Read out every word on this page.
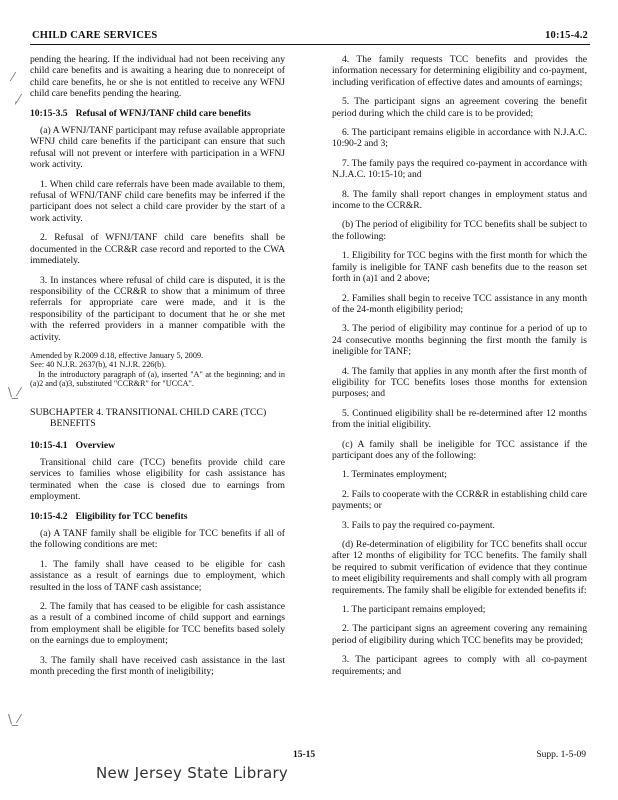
CHILD CARE SERVICES	10:15-4.2
⁄
,⁄
\_⁄
\_⁄

pending the hearing. If the individual had not been receiving any child care benefits and is awaiting a hearing due to nonreceipt of child care benefits, he or she is not entitled to receive any WFNJ child care benefits pending the hearing.

10:15-3.5 Refusal of WFNJ/TANF child care benefits

(a) A WFNJ/TANF participant may refuse available appropriate WFNJ child care benefits if the participant can ensure that such refusal will not prevent or interfere with participation in a WFNJ work activity.

1. When child care referrals have been made available to them, refusal of WFNJ/TANF child care benefits may be inferred if the participant does not select a child care provider by the start of a work activity.

2. Refusal of WFNJ/TANF child care benefits shall be documented in the CCR&R case record and reported to the CWA immediately.

3. In instances where refusal of child care is disputed, it is the responsibility of the CCR&R to show that a minimum of three referrals for appropriate care were made, and it is the responsibility of the participant to document that he or she met with the referred providers in a manner compatible with the activity.

Amended by R.2009 d.18, effective January 5, 2009.

See: 40 N.J.R. 2637(b), 41 N.J.R. 226(b).

In the introductory paragraph of (a), inserted "A" at the beginning; and in (a)2 and (a)3, substituted "CCR&R" for "UCCA".

SUBCHAPTER 4. TRANSITIONAL CHILD CARE (TCC)
BENEFITS
10:15-4.1 Overview

Transitional child care (TCC) benefits provide child care services to families whose eligibility for cash assistance has terminated when the case is closed due to earnings from employment.

10:15-4.2 Eligibility for TCC benefits

(a) A TANF family shall be eligible for TCC benefits if all of the following conditions are met:

1. The family shall have ceased to be eligible for cash assistance as a result of earnings due to employment, which resulted in the loss of TANF cash assistance;

2. The family that has ceased to be eligible for cash assistance as a result of a combined income of child support and earnings from employment shall be eligible for TCC benefits based solely on the earnings due to employment;

3. The family shall have received cash assistance in the last month preceding the first month of ineligibility;

4. The family requests TCC benefits and provides the information necessary for determining eligibility and co-payment, including verification of effective dates and amounts of earnings;

5. The participant signs an agreement covering the benefit period during which the child care is to be provided;

6. The participant remains eligible in accordance with N.J.A.C. 10:90-2 and 3;

7. The family pays the required co-payment in accordance with N.J.A.C. 10:15-10; and

8. The family shall report changes in employment status and income to the CCR&R.

(b) The period of eligibility for TCC benefits shall be subject to the following:

1. Eligibility for TCC begins with the first month for which the family is ineligible for TANF cash benefits due to the reason set forth in (a)1 and 2 above;

2. Families shall begin to receive TCC assistance in any month of the 24-month eligibility period;

3. The period of eligibility may continue for a period of up to 24 consecutive months beginning the first month the family is ineligible for TANF;

4. The family that applies in any month after the first month of eligibility for TCC benefits loses those months for extension purposes; and

5. Continued eligibility shall be re-determined after 12 months from the initial eligibility.

(c) A family shall be ineligible for TCC assistance if the participant does any of the following:

1. Terminates employment;

2. Fails to cooperate with the CCR&R in establishing child care payments; or

3. Fails to pay the required co-payment.

(d) Re-determination of eligibility for TCC benefits shall occur after 12 months of eligibility for TCC benefits. The family shall be required to submit verification of evidence that they continue to meet eligibility requirements and shall comply with all program requirements. The family shall be eligible for extended benefits if:

1. The participant remains employed;

2. The participant signs an agreement covering any remaining period of eligibility during which TCC benefits may be provided;

3. The participant agrees to comply with all co-payment requirements; and

15-15	Supp. 1-5-09
New Jersey State Library
